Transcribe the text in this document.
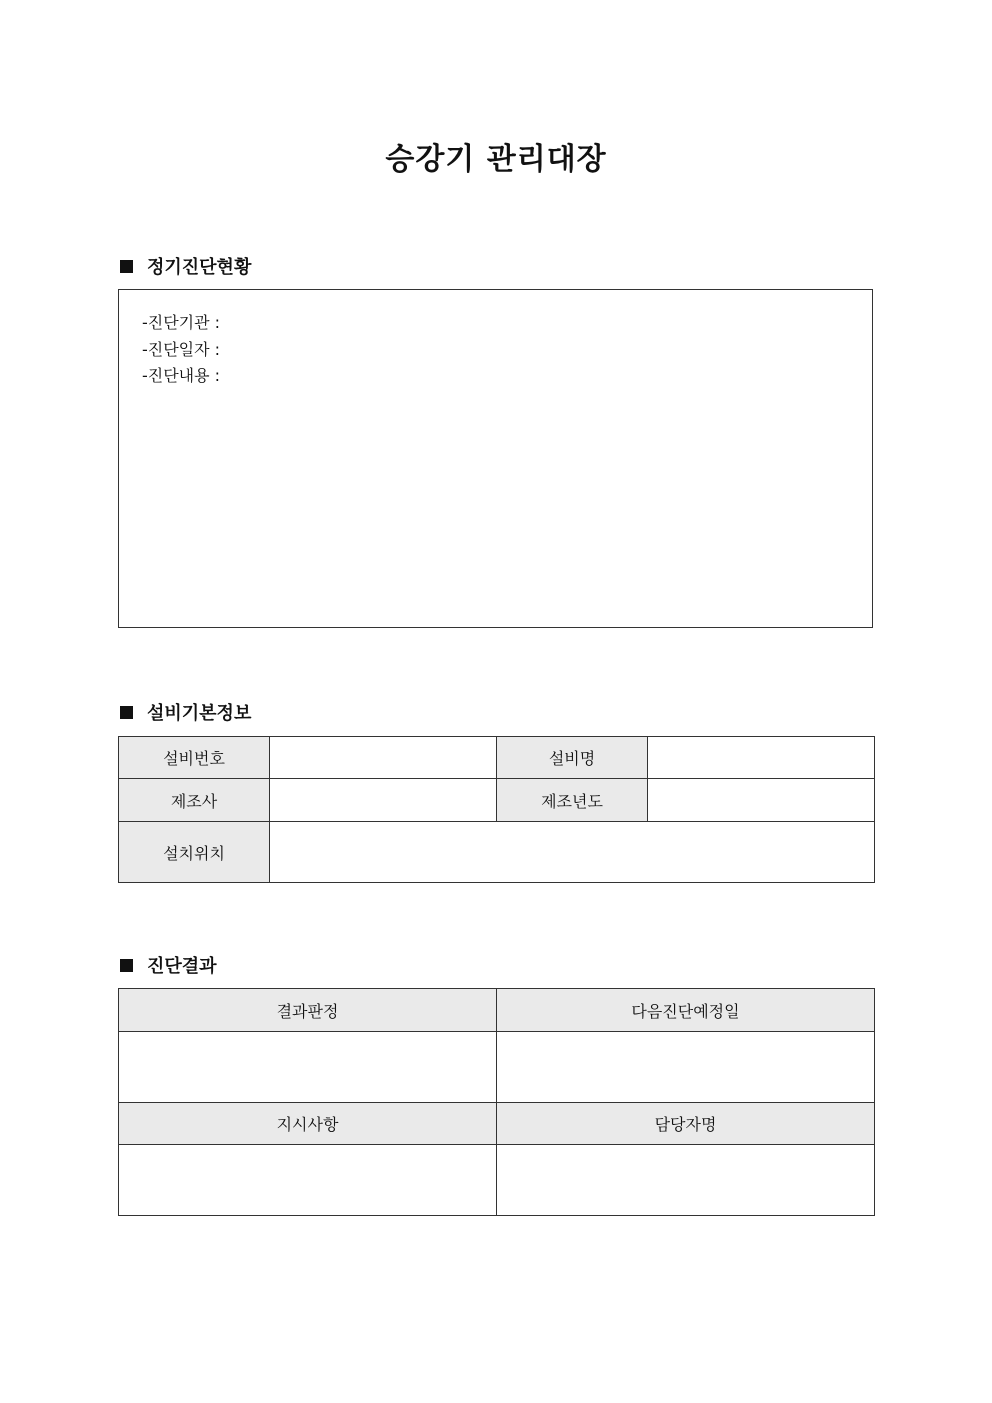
승강기 관리대장
정기진단현황
-진단기관 :
-진단일자 :
-진단내용 :
설비기본정보
설비번호		설비명	
제조사		제조년도	
설치위치			
진단결과
결과판정	다음진단예정일

지시사항	담당자명
